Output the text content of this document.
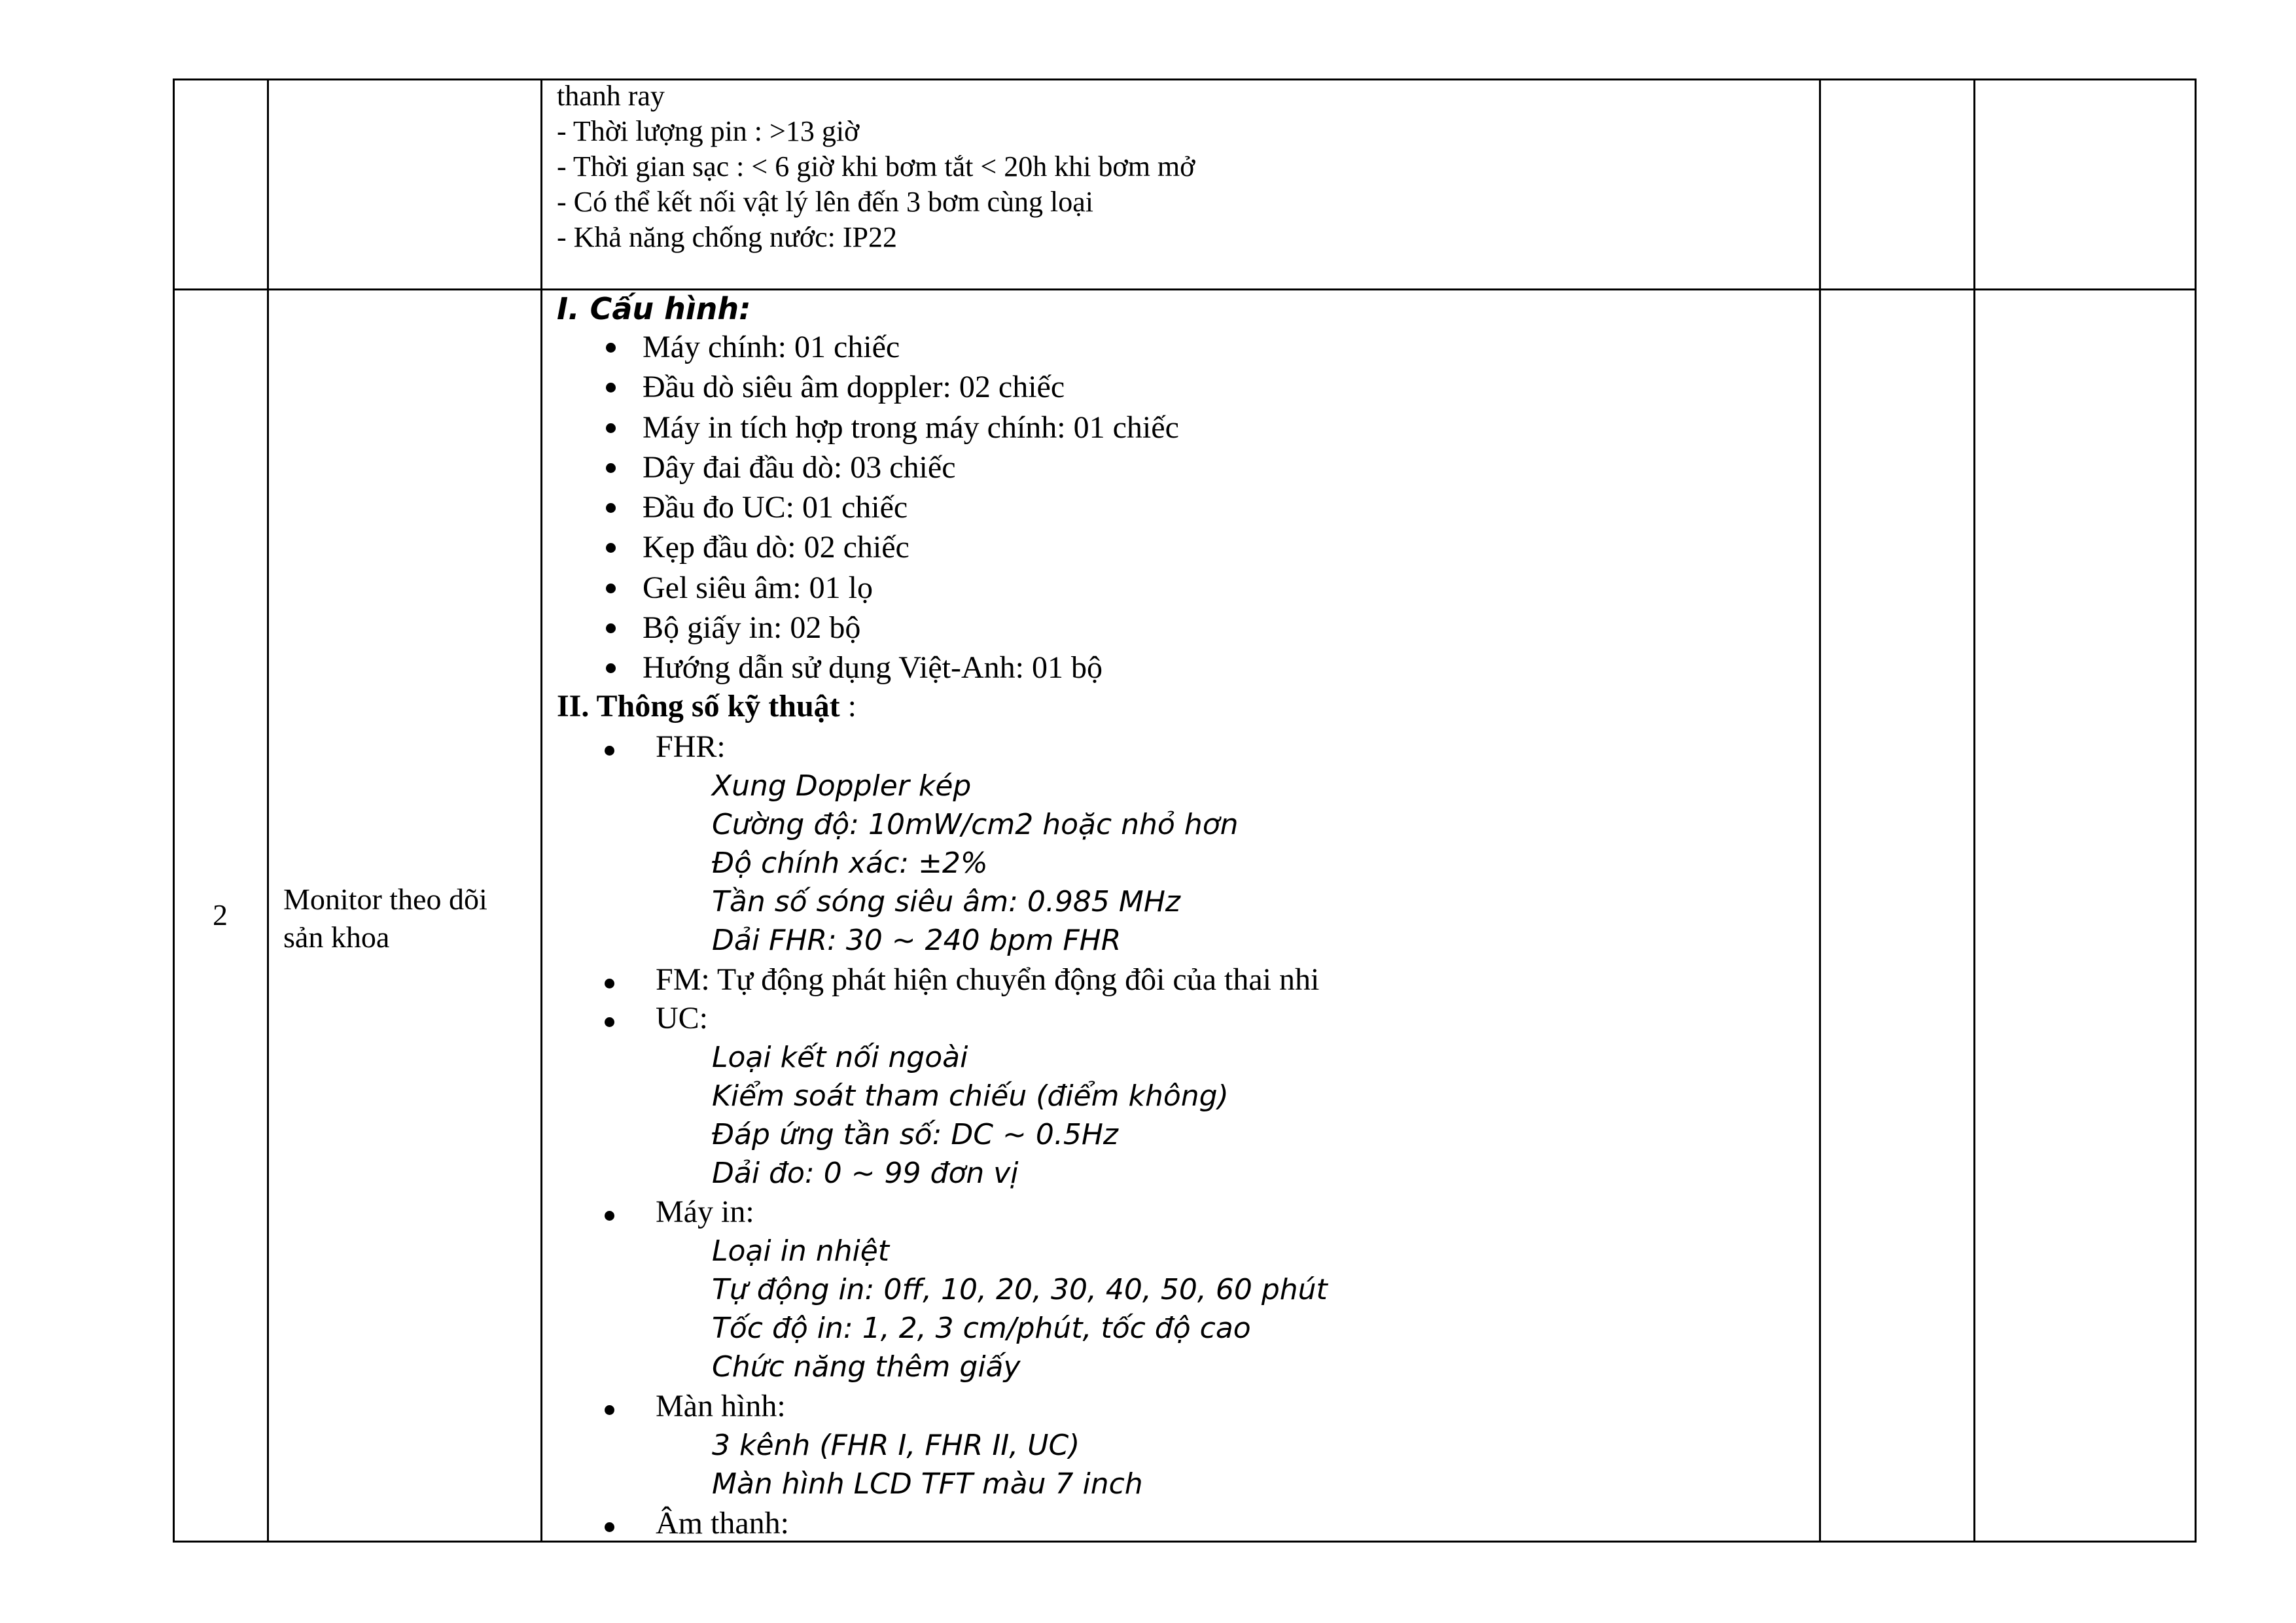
thanh ray
- Thời lượng pin : >13 giờ
- Thời gian sạc : < 6 giờ khi bơm tắt < 20h khi bơm mở
- Có thể kết nối vật lý lên đến 3 bơm cùng loại
- Khả năng chống nước: IP22
2 Monitor theo dõi
sản khoa
I. Cấu hình:
Máy chính: 01 chiếc
Đầu dò siêu âm doppler: 02 chiếc
Máy in tích hợp trong máy chính: 01 chiếc
Dây đai đầu dò: 03 chiếc
Đầu đo UC: 01 chiếc
Kẹp đầu dò: 02 chiếc
Gel siêu âm: 01 lọ
Bộ giấy in: 02 bộ
Hướng dẫn sử dụng Việt-Anh: 01 bộ
II. Thông số kỹ thuật :
FHR:
Xung Doppler kép
Cường độ: 10mW/cm2 hoặc nhỏ hơn
Độ chính xác: ±2%
Tần số sóng siêu âm: 0.985 MHz
Dải FHR: 30 ~ 240 bpm FHR
FM: Tự động phát hiện chuyển động đôi của thai nhi
UC:
Loại kết nối ngoài
Kiểm soát tham chiếu (điểm không)
Đáp ứng tần số: DC ~ 0.5Hz
Dải đo: 0 ~ 99 đơn vị
Máy in:
Loại in nhiệt
Tự động in: 0ff, 10, 20, 30, 40, 50, 60 phút
Tốc độ in: 1, 2, 3 cm/phút, tốc độ cao
Chức năng thêm giấy
Màn hình:
3 kênh (FHR I, FHR II, UC)
Màn hình LCD TFT màu 7 inch
Âm thanh:
